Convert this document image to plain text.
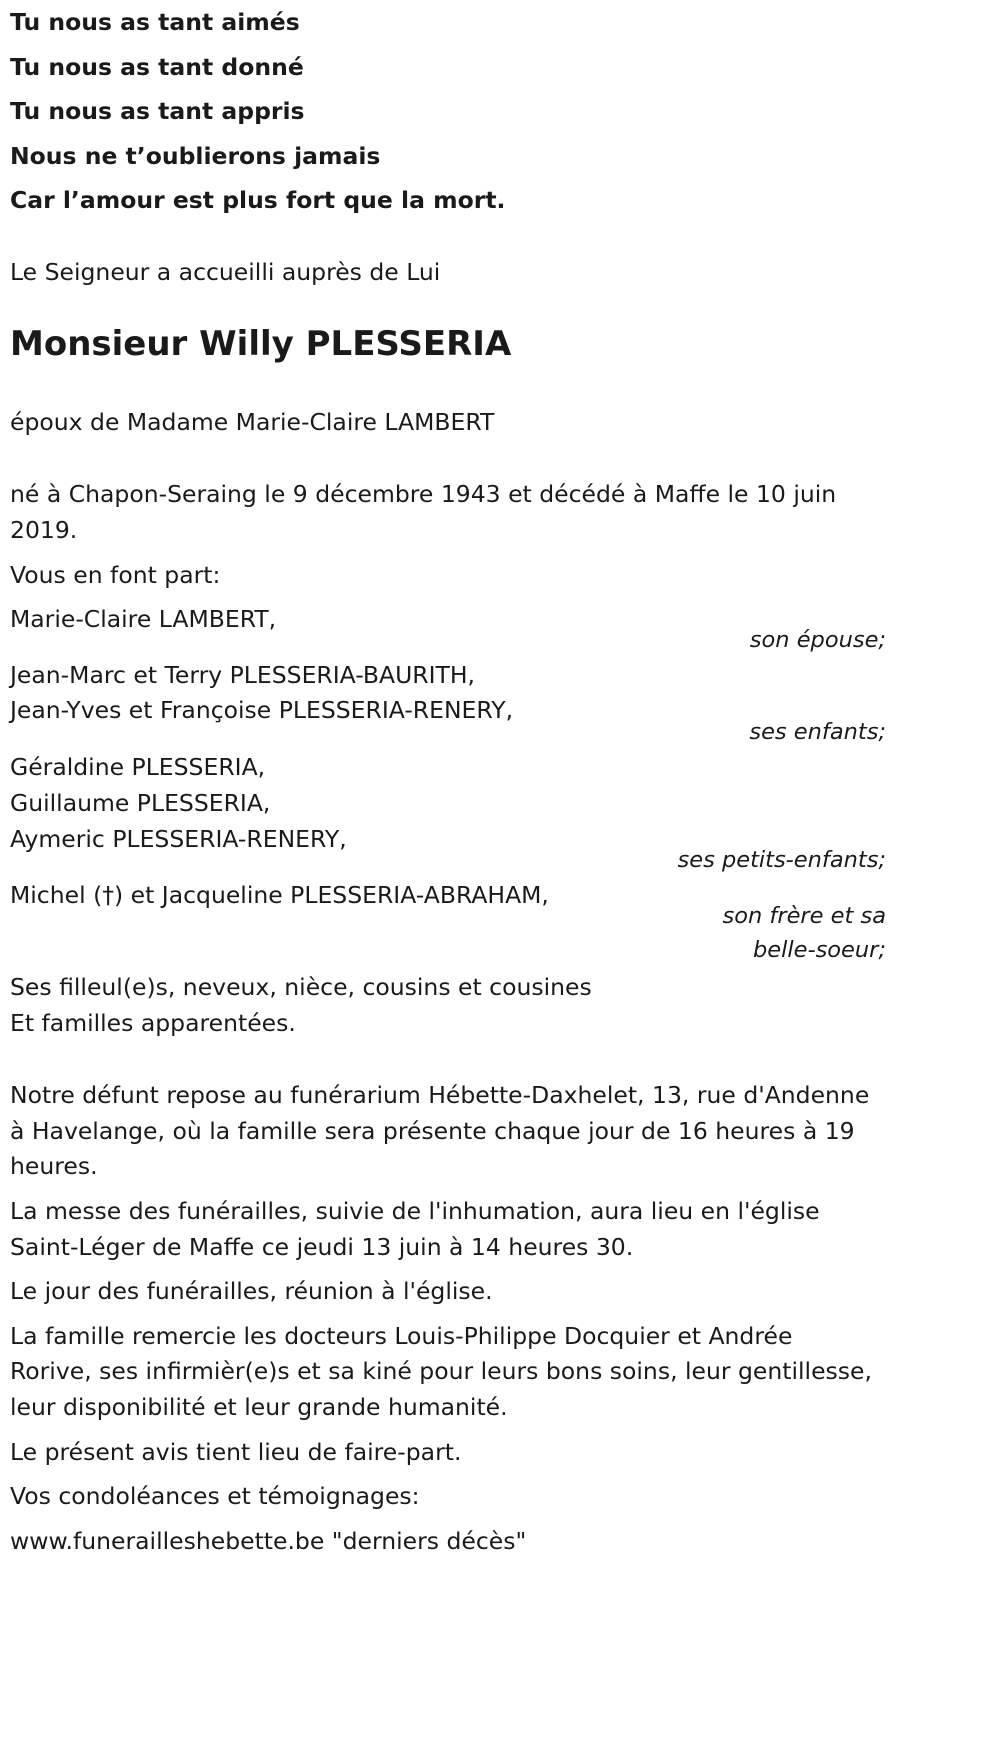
Tu nous as tant aimés
Tu nous as tant donné
Tu nous as tant appris
Nous ne t’oublierons jamais
Car l’amour est plus fort que la mort.
Le Seigneur a accueilli auprès de Lui
Monsieur Willy PLESSERIA
époux de Madame Marie-Claire LAMBERT
né à Chapon-Seraing le 9 décembre 1943 et décédé à Maffe le 10 juin
2019.
Vous en font part:
Marie-Claire LAMBERT,
son épouse;
Jean-Marc et Terry PLESSERIA-BAURITH,
Jean-Yves et Françoise PLESSERIA-RENERY,
ses enfants;
Géraldine PLESSERIA,
Guillaume PLESSERIA,
Aymeric PLESSERIA-RENERY,
ses petits-enfants;
Michel (†) et Jacqueline PLESSERIA-ABRAHAM,
son frère et sa
belle-soeur;
Ses filleul(e)s, neveux, nièce, cousins et cousines
Et familles apparentées.
Notre défunt repose au funérarium Hébette-Daxhelet, 13, rue d'Andenne
à Havelange, où la famille sera présente chaque jour de 16 heures à 19
heures.
La messe des funérailles, suivie de l'inhumation, aura lieu en l'église
Saint-Léger de Maffe ce jeudi 13 juin à 14 heures 30.
Le jour des funérailles, réunion à l'église.
La famille remercie les docteurs Louis-Philippe Docquier et Andrée
Rorive, ses infirmièr(e)s et sa kiné pour leurs bons soins, leur gentillesse,
leur disponibilité et leur grande humanité.
Le présent avis tient lieu de faire-part.
Vos condoléances et témoignages:
www.funerailleshebette.be "derniers décès"
